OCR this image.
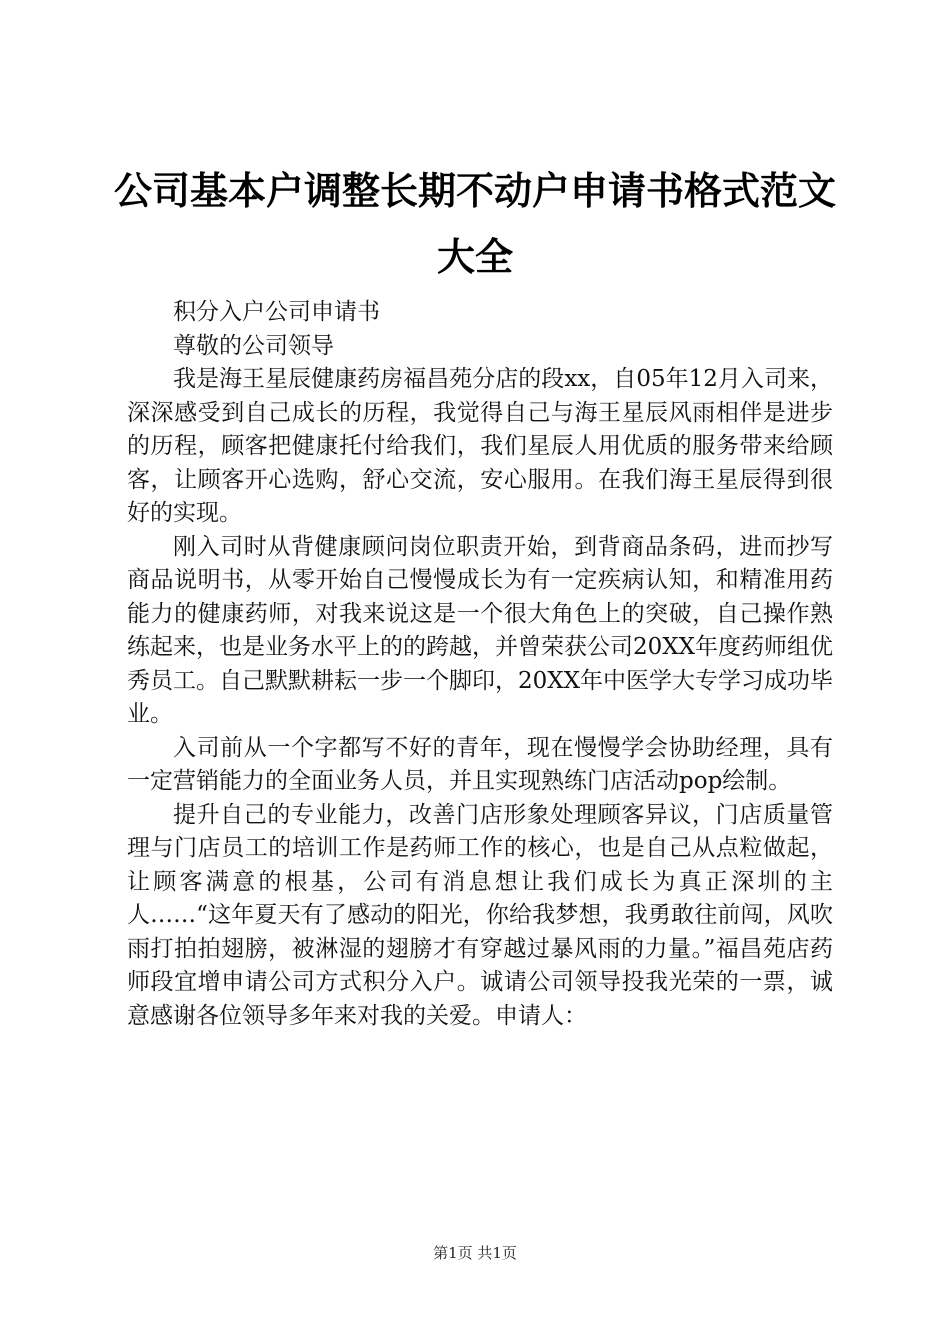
公司基本户调整长期不动户申请书格式范文大全

积分入户公司申请书

尊敬的公司领导

我是海王星辰健康药房福昌苑分店的段xx，自05年12月入司来，深深感受到自己成长的历程，我觉得自己与海王星辰风雨相伴是进步的历程，顾客把健康托付给我们，我们星辰人用优质的服务带来给顾客，让顾客开心选购，舒心交流，安心服用。在我们海王星辰得到很好的实现。

刚入司时从背健康顾问岗位职责开始，到背商品条码，进而抄写商品说明书，从零开始自己慢慢成长为有一定疾病认知，和精准用药能力的健康药师，对我来说这是一个很大角色上的突破，自己操作熟练起来，也是业务水平上的的跨越，并曾荣获公司20XX年度药师组优秀员工。自己默默耕耘一步一个脚印，20XX年中医学大专学习成功毕业。

入司前从一个字都写不好的青年，现在慢慢学会协助经理，具有一定营销能力的全面业务人员，并且实现熟练门店活动pop绘制。

提升自己的专业能力，改善门店形象处理顾客异议，门店质量管理与门店员工的培训工作是药师工作的核心，也是自己从点粒做起，让顾客满意的根基，公司有消息想让我们成长为真正深圳的主人……“这年夏天有了感动的阳光，你给我梦想，我勇敢往前闯，风吹雨打拍拍翅膀，被淋湿的翅膀才有穿越过暴风雨的力量。”福昌苑店药师段宜增申请公司方式积分入户。诚请公司领导投我光荣的一票，诚意感谢各位领导多年来对我的关爱。申请人：

第1页 共1页
